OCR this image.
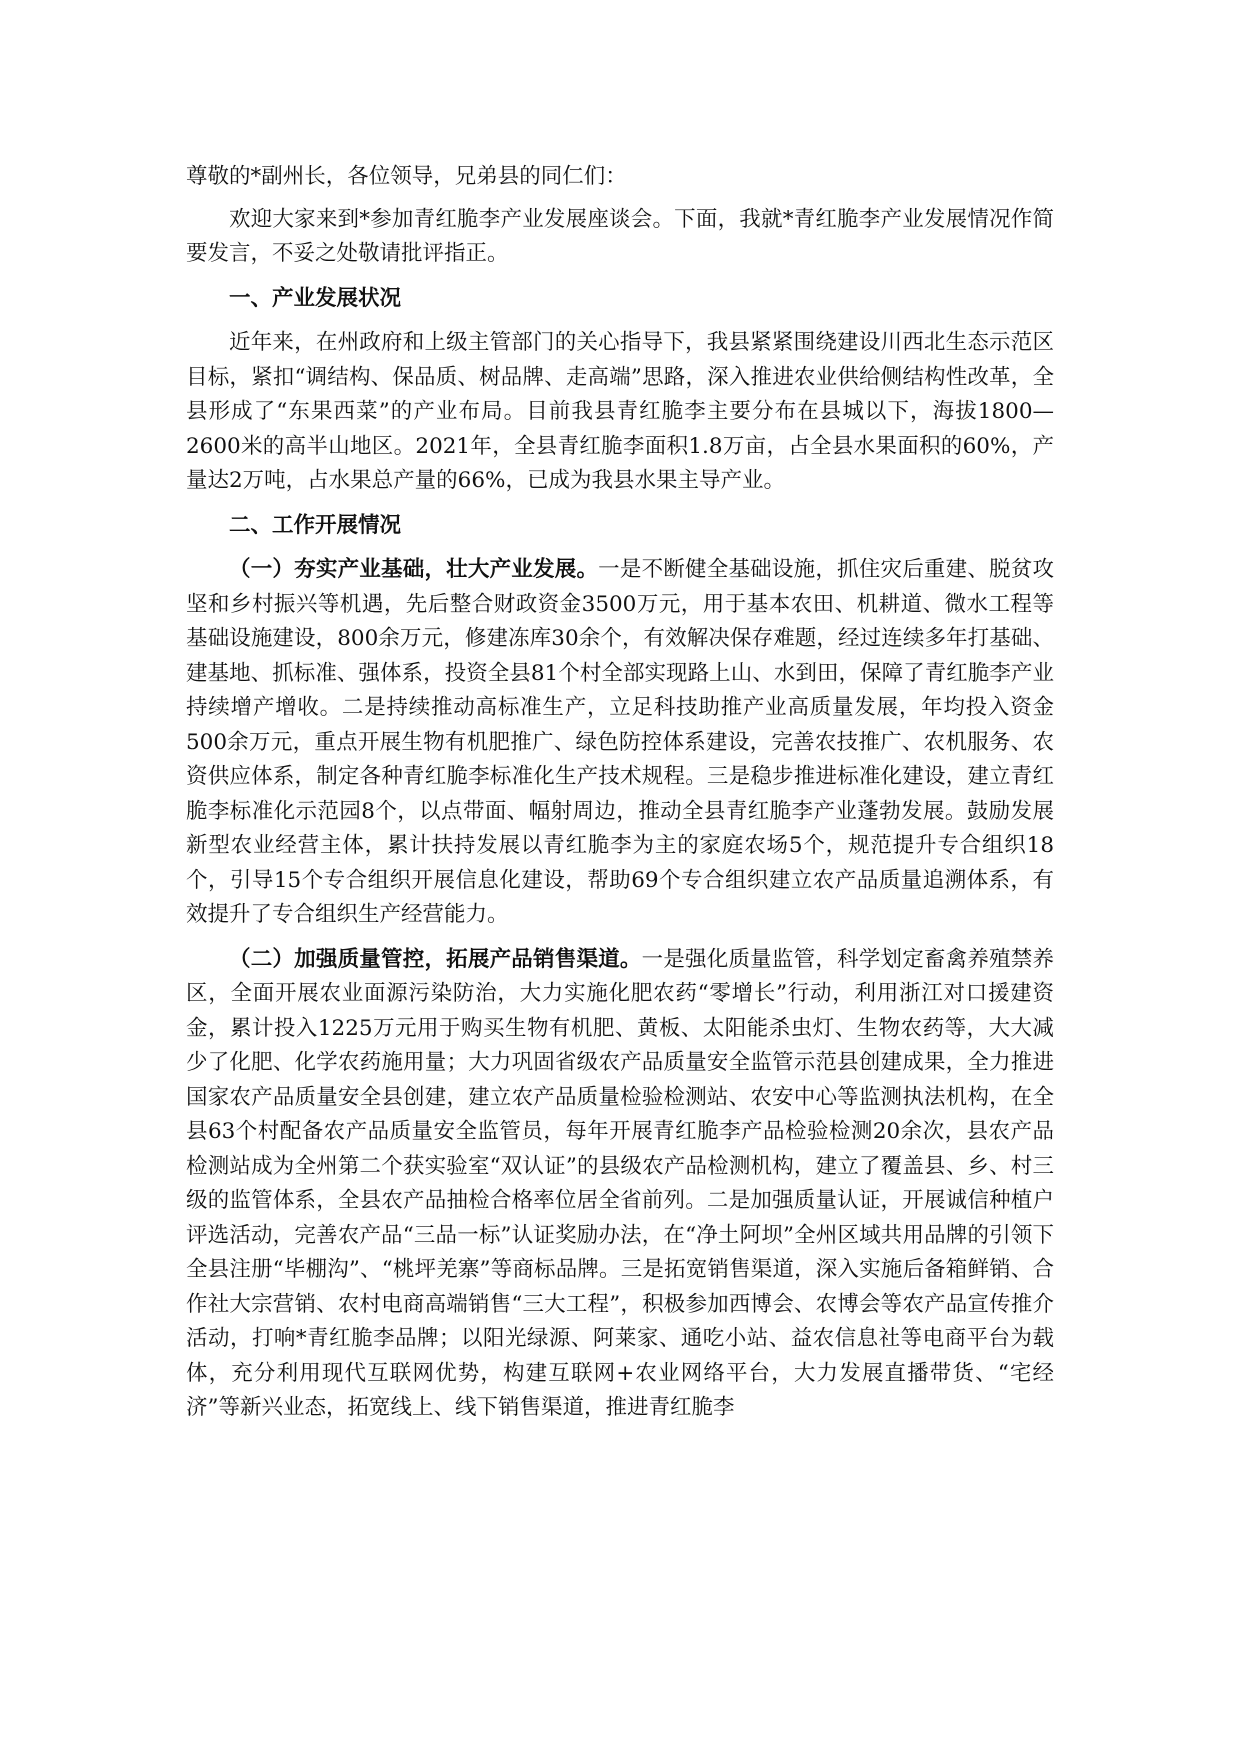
尊敬的*副州长，各位领导，兄弟县的同仁们：

欢迎大家来到*参加青红脆李产业发展座谈会。下面，我就*青红脆李产业发展情况作简要发言，不妥之处敬请批评指正。

一、产业发展状况

近年来，在州政府和上级主管部门的关心指导下，我县紧紧围绕建设川西北生态示范区目标，紧扣“调结构、保品质、树品牌、走高端”思路，深入推进农业供给侧结构性改革，全县形成了“东果西菜”的产业布局。目前我县青红脆李主要分布在县城以下，海拔1800—2600米的高半山地区。2021年，全县青红脆李面积1.8万亩，占全县水果面积的60%，产量达2万吨，占水果总产量的66%，已成为我县水果主导产业。

二、工作开展情况

（一）夯实产业基础，壮大产业发展。一是不断健全基础设施，抓住灾后重建、脱贫攻坚和乡村振兴等机遇，先后整合财政资金3500万元，用于基本农田、机耕道、微水工程等基础设施建设，800余万元，修建冻库30余个，有效解决保存难题，经过连续多年打基础、建基地、抓标准、强体系，投资全县81个村全部实现路上山、水到田，保障了青红脆李产业持续增产增收。二是持续推动高标准生产，立足科技助推产业高质量发展，年均投入资金500余万元，重点开展生物有机肥推广、绿色防控体系建设，完善农技推广、农机服务、农资供应体系，制定各种青红脆李标准化生产技术规程。三是稳步推进标准化建设，建立青红脆李标准化示范园8个，以点带面、幅射周边，推动全县青红脆李产业蓬勃发展。鼓励发展新型农业经营主体，累计扶持发展以青红脆李为主的家庭农场5个，规范提升专合组织18个，引导15个专合组织开展信息化建设，帮助69个专合组织建立农产品质量追溯体系，有效提升了专合组织生产经营能力。

（二）加强质量管控，拓展产品销售渠道。一是强化质量监管，科学划定畜禽养殖禁养区，全面开展农业面源污染防治，大力实施化肥农药“零增长”行动，利用浙江对口援建资金，累计投入1225万元用于购买生物有机肥、黄板、太阳能杀虫灯、生物农药等，大大减少了化肥、化学农药施用量；大力巩固省级农产品质量安全监管示范县创建成果，全力推进国家农产品质量安全县创建，建立农产品质量检验检测站、农安中心等监测执法机构，在全县63个村配备农产品质量安全监管员，每年开展青红脆李产品检验检测20余次，县农产品检测站成为全州第二个获实验室“双认证”的县级农产品检测机构，建立了覆盖县、乡、村三级的监管体系，全县农产品抽检合格率位居全省前列。二是加强质量认证，开展诚信种植户评选活动，完善农产品“三品一标”认证奖励办法，在“净土阿坝”全州区域共用品牌的引领下全县注册“毕棚沟”、“桃坪羌寨”等商标品牌。三是拓宽销售渠道，深入实施后备箱鲜销、合作社大宗营销、农村电商高端销售“三大工程”，积极参加西博会、农博会等农产品宣传推介活动，打响*青红脆李品牌；以阳光绿源、阿莱家、通吃小站、益农信息社等电商平台为载体，充分利用现代互联网优势，构建互联网+农业网络平台，大力发展直播带货、“宅经济”等新兴业态，拓宽线上、线下销售渠道，推进青红脆李
